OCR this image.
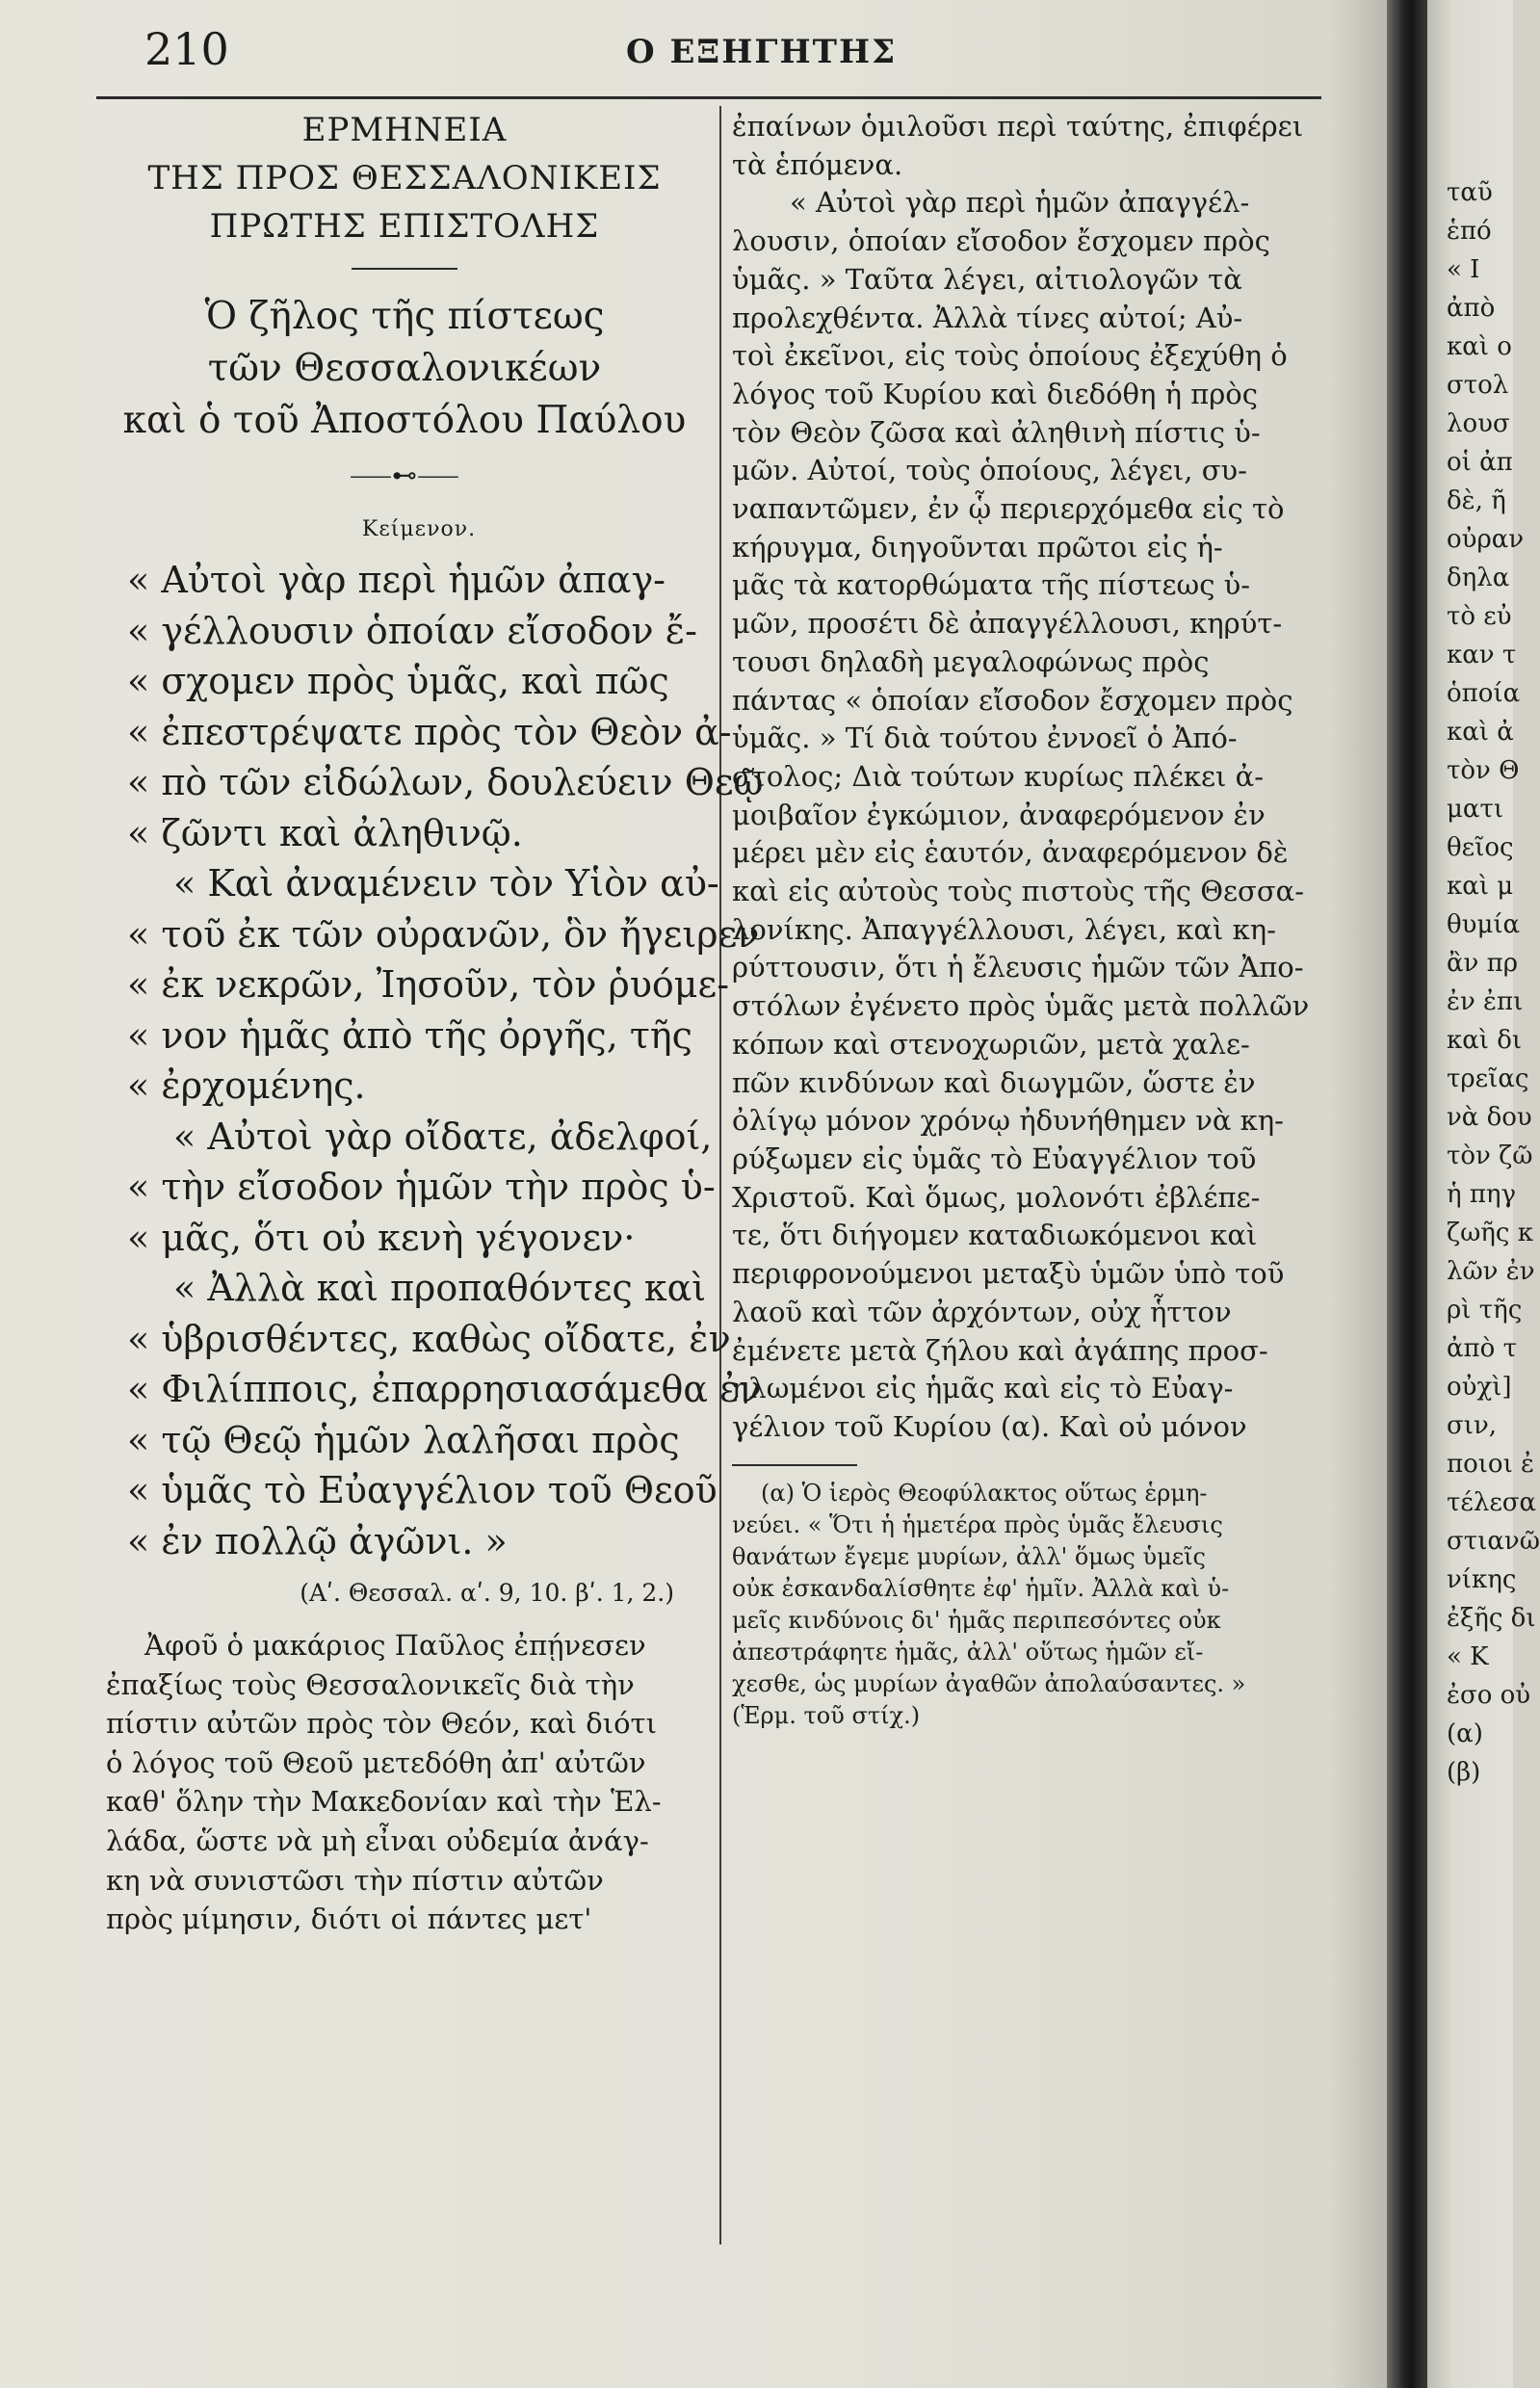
210	Ο ΕΞΗΓΗΤΗΣ
ΕΡΜΗΝΕΙΑ
ΤΗΣ ΠΡΟΣ ΘΕΣΣΑΛΟΝΙΚΕΙΣ
ΠΡΩΤΗΣ ΕΠΙΣΤΟΛΗΣ
Ὁ ζῆλος τῆς πίστεως
τῶν Θεσσαλονικέων
καὶ ὁ τοῦ Ἀποστόλου Παύλου
⸺⊷⸺
Κείμενον.
« Αὐτοὶ γὰρ περὶ ἡμῶν ἀπαγ-
« γέλλουσιν ὁποίαν εἴσοδον ἔ-
« σχομεν πρὸς ὑμᾶς, καὶ πῶς
« ἐπεστρέψατε πρὸς τὸν Θεὸν ἀ-
« πὸ τῶν εἰδώλων, δουλεύειν Θεῷ
« ζῶντι καὶ ἀληθινῷ.
« Καὶ ἀναμένειν τὸν Υἱὸν αὐ-
« τοῦ ἐκ τῶν οὐρανῶν, ὃν ἤγειρεν
« ἐκ νεκρῶν, Ἰησοῦν, τὸν ῥυόμε-
« νον ἡμᾶς ἀπὸ τῆς ὀργῆς, τῆς
« ἐρχομένης.
« Αὐτοὶ γὰρ οἴδατε, ἀδελφοί,
« τὴν εἴσοδον ἡμῶν τὴν πρὸς ὑ-
« μᾶς, ὅτι οὐ κενὴ γέγονεν·
« Ἀλλὰ καὶ προπαθόντες καὶ
« ὑβρισθέντες, καθὼς οἴδατε, ἐν
« Φιλίπποις, ἐπαρρησιασάμεθα ἐν
« τῷ Θεῷ ἡμῶν λαλῆσαι πρὸς
« ὑμᾶς τὸ Εὐαγγέλιον τοῦ Θεοῦ
« ἐν πολλῷ ἀγῶνι. »
(Αʹ. Θεσσαλ. αʹ. 9, 10. βʹ. 1, 2.)
Ἀφοῦ ὁ μακάριος Παῦλος ἐπῄνεσεν
ἐπαξίως τοὺς Θεσσαλονικεῖς διὰ τὴν
πίστιν αὐτῶν πρὸς τὸν Θεόν, καὶ διότι
ὁ λόγος τοῦ Θεοῦ μετεδόθη ἀπ' αὐτῶν
καθ' ὅλην τὴν Μακεδονίαν καὶ τὴν Ἑλ-
λάδα, ὥστε νὰ μὴ εἶναι οὐδεμία ἀνάγ-
κη νὰ συνιστῶσι τὴν πίστιν αὐτῶν
πρὸς μίμησιν, διότι οἱ πάντες μετ'
ἐπαίνων ὁμιλοῦσι περὶ ταύτης, ἐπιφέρει
τὰ ἑπόμενα.
« Αὐτοὶ γὰρ περὶ ἡμῶν ἀπαγγέλ-
λουσιν, ὁποίαν εἴσοδον ἔσχομεν πρὸς
ὑμᾶς. » Ταῦτα λέγει, αἰτιολογῶν τὰ
προλεχθέντα. Ἀλλὰ τίνες αὐτοί; Αὐ-
τοὶ ἐκεῖνοι, εἰς τοὺς ὁποίους ἐξεχύθη ὁ
λόγος τοῦ Κυρίου καὶ διεδόθη ἡ πρὸς
τὸν Θεὸν ζῶσα καὶ ἀληθινὴ πίστις ὑ-
μῶν. Αὐτοί, τοὺς ὁποίους, λέγει, συ-
ναπαντῶμεν, ἐν ᾧ περιερχόμεθα εἰς τὸ
κήρυγμα, διηγοῦνται πρῶτοι εἰς ἡ-
μᾶς τὰ κατορθώματα τῆς πίστεως ὑ-
μῶν, προσέτι δὲ ἀπαγγέλλουσι, κηρύτ-
τουσι δηλαδὴ μεγαλοφώνως πρὸς
πάντας « ὁποίαν εἴσοδον ἔσχομεν πρὸς
ὑμᾶς. » Τί διὰ τούτου ἐννοεῖ ὁ Ἀπό-
στολος; Διὰ τούτων κυρίως πλέκει ἀ-
μοιβαῖον ἐγκώμιον, ἀναφερόμενον ἐν
μέρει μὲν εἰς ἑαυτόν, ἀναφερόμενον δὲ
καὶ εἰς αὐτοὺς τοὺς πιστοὺς τῆς Θεσσα-
λονίκης. Ἀπαγγέλλουσι, λέγει, καὶ κη-
ρύττουσιν, ὅτι ἡ ἔλευσις ἡμῶν τῶν Ἀπο-
στόλων ἐγένετο πρὸς ὑμᾶς μετὰ πολλῶν
κόπων καὶ στενοχωριῶν, μετὰ χαλε-
πῶν κινδύνων καὶ διωγμῶν, ὥστε ἐν
ὀλίγῳ μόνον χρόνῳ ἠδυνήθημεν νὰ κη-
ρύξωμεν εἰς ὑμᾶς τὸ Εὐαγγέλιον τοῦ
Χριστοῦ. Καὶ ὅμως, μολονότι ἐβλέπε-
τε, ὅτι διήγομεν καταδιωκόμενοι καὶ
περιφρονούμενοι μεταξὺ ὑμῶν ὑπὸ τοῦ
λαοῦ καὶ τῶν ἀρχόντων, οὐχ ἧττον
ἐμένετε μετὰ ζήλου καὶ ἀγάπης προσ-
ηλωμένοι εἰς ἡμᾶς καὶ εἰς τὸ Εὐαγ-
γέλιον τοῦ Κυρίου (α). Καὶ οὐ μόνον
(α) Ὁ ἱερὸς Θεοφύλακτος οὕτως ἑρμη-
νεύει. « Ὅτι ἡ ἡμετέρα πρὸς ὑμᾶς ἔλευσις
θανάτων ἔγεμε μυρίων, ἀλλ' ὅμως ὑμεῖς
οὐκ ἐσκανδαλίσθητε ἐφ' ἡμῖν. Ἀλλὰ καὶ ὑ-
μεῖς κινδύνοις δι' ἡμᾶς περιπεσόντες οὐκ
ἀπεστράφητε ἡμᾶς, ἀλλ' οὕτως ἡμῶν εἴ-
χεσθε, ὡς μυρίων ἀγαθῶν ἀπολαύσαντες. »
(Ἑρμ. τοῦ στίχ.)
ταῦ
ἑπό
« Ι
ἀπὸ
καὶ ο
στολ
λουσ
οἱ ἀπ
δὲ, ῆ
οὐραν
δηλα
τὸ εὐ
καν τ
ὁποία
καὶ ἀ
τὸν Θ
ματι
θεῖος
καὶ μ
θυμία
ἂν πρ
ἐν ἐπι
καὶ δι
τρεῖας
νὰ δου
τὸν ζῶ
ἡ πηγ
ζωῆς κ
λῶν ἐν
ρὶ τῆς
ἀπὸ τ
οὐχὶ]
σιν,
ποιοι ἐ
τέλεσα
στιανῶ
νίκης
ἐξῆς δι
« Κ
ἐσο οὐ
(α)
(β)
